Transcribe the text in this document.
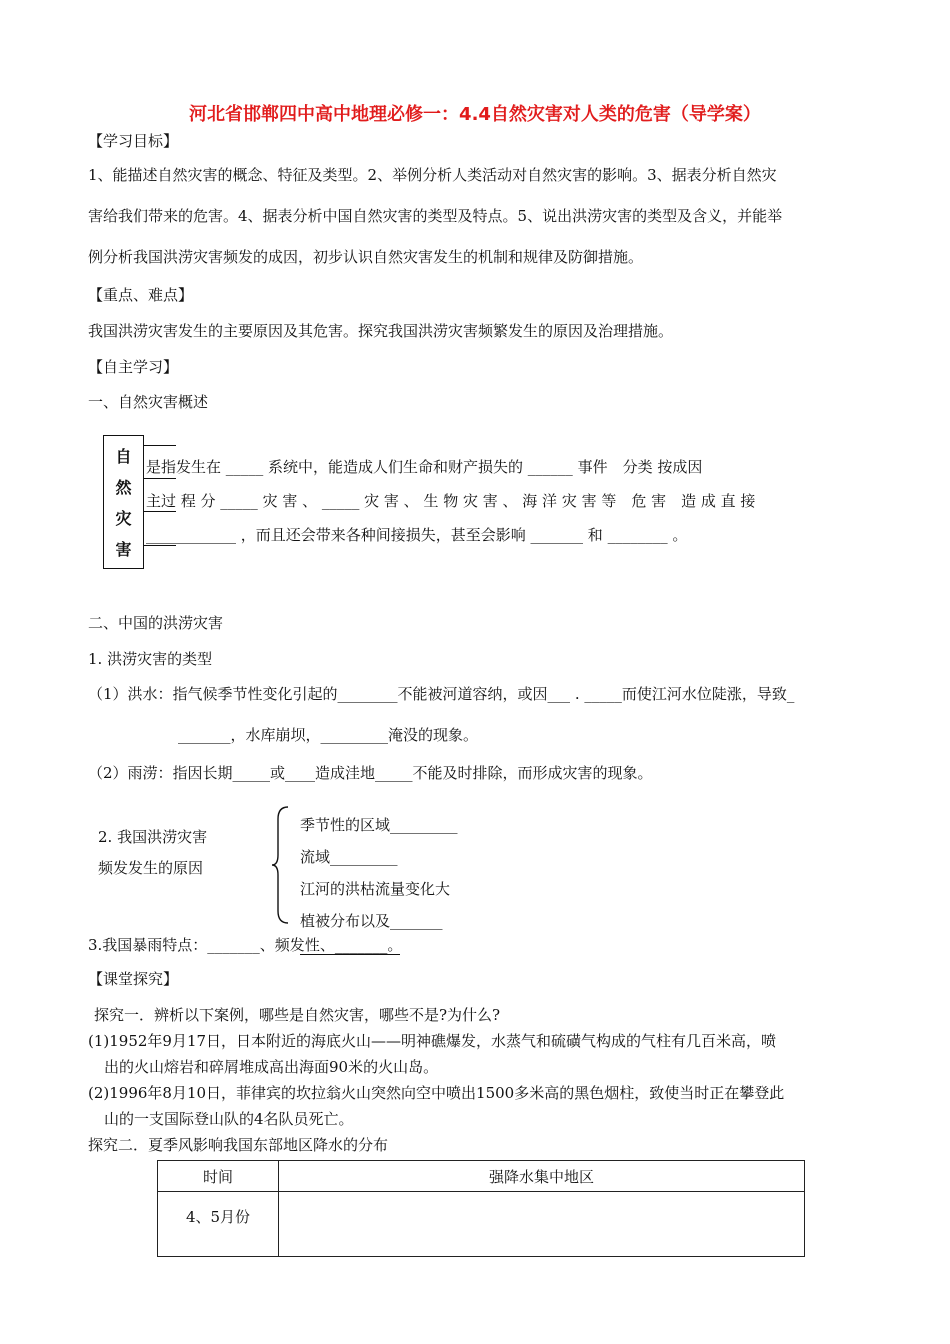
河北省邯郸四中高中地理必修一：4.4自然灾害对人类的危害（导学案）
【学习目标】
1、能描述自然灾害的概念、特征及类型。2、举例分析人类活动对自然灾害的影响。3、据表分析自然灾
害给我们带来的危害。4、据表分析中国自然灾害的类型及特点。5、说出洪涝灾害的类型及含义，并能举
例分析我国洪涝灾害频发的成因，初步认识自然灾害发生的机制和规律及防御措施。
【重点、难点】
我国洪涝灾害发生的主要原因及其危害。探究我国洪涝灾害频繁发生的原因及治理措施。
【自主学习】
一、自然灾害概述
自
然
灾
害
是指发生在 _____ 系统中，能造成人们生命和财产损失的 ______ 事件　分类 按成因
主过 程 分 _____ 灾 害 、 _____ 灾 害 、 生 物 灾 害 、 海 洋 灾 害 等　危 害　造 成 直 接
____________ ，而且还会带来各种间接损失，甚至会影响 _______ 和 ________ 。
二、中国的洪涝灾害
1. 洪涝灾害的类型
（1）洪水：指气候季节性变化引起的________不能被河道容纳，或因___ . _____而使江河水位陡涨，导致_
_______，水库崩坝，_________淹没的现象。
（2）雨涝：指因长期_____或____造成洼地_____不能及时排除，而形成灾害的现象。
2. 我国洪涝灾害
频发发生的原因
季节性的区域_________
流域_________
江河的洪枯流量变化大
植被分布以及_______
3.我国暴雨特点：_______、频发性、_______。
【课堂探究】
探究一．辨析以下案例，哪些是自然灾害，哪些不是?为什么?
(1)1952年9月17日，日本附近的海底火山——明神礁爆发，水蒸气和硫磺气构成的气柱有几百米高，喷
出的火山熔岩和碎屑堆成高出海面90米的火山岛。
(2)1996年8月10日，菲律宾的坎拉翁火山突然向空中喷出1500多米高的黑色烟柱，致使当时正在攀登此
山的一支国际登山队的4名队员死亡。
探究二．夏季风影响我国东部地区降水的分布
时间	强降水集中地区
4、5月份	
